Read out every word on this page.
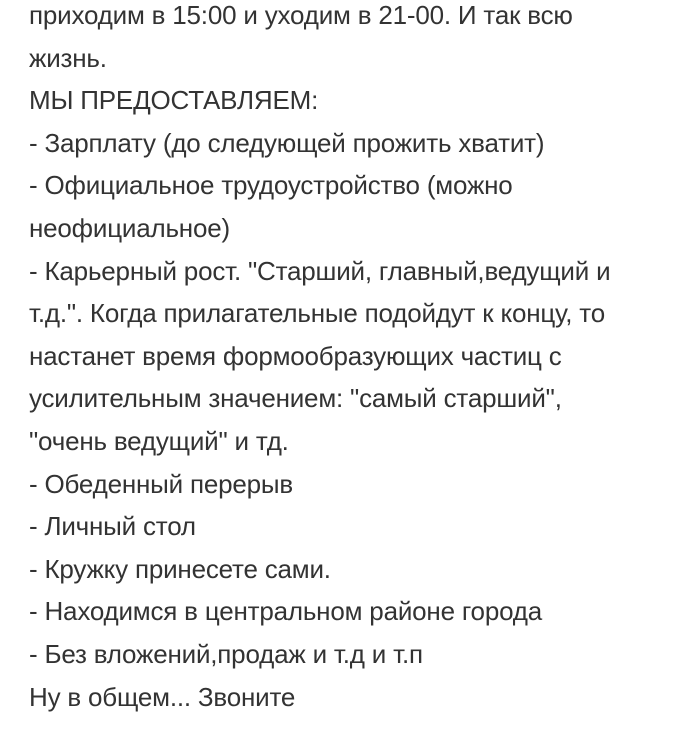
приходим в 15:00 и уходим в 21-00. И так всю
жизнь.
МЫ ПРЕДОСТАВЛЯЕМ:
- Зарплату (до следующей прожить хватит)
- Официальное трудоустройство (можно
неофициальное)
- Карьерный рост. "Старший, главный,ведущий и
т.д.". Когда прилагательные подойдут к концу, то
настанет время формообразующих частиц с
усилительным значением: "самый старший",
"очень ведущий" и тд.
- Обеденный перерыв
- Личный стол
- Кружку принесете сами.
- Находимся в центральном районе города
- Без вложений,продаж и т.д и т.п
Ну в общем... Звоните
